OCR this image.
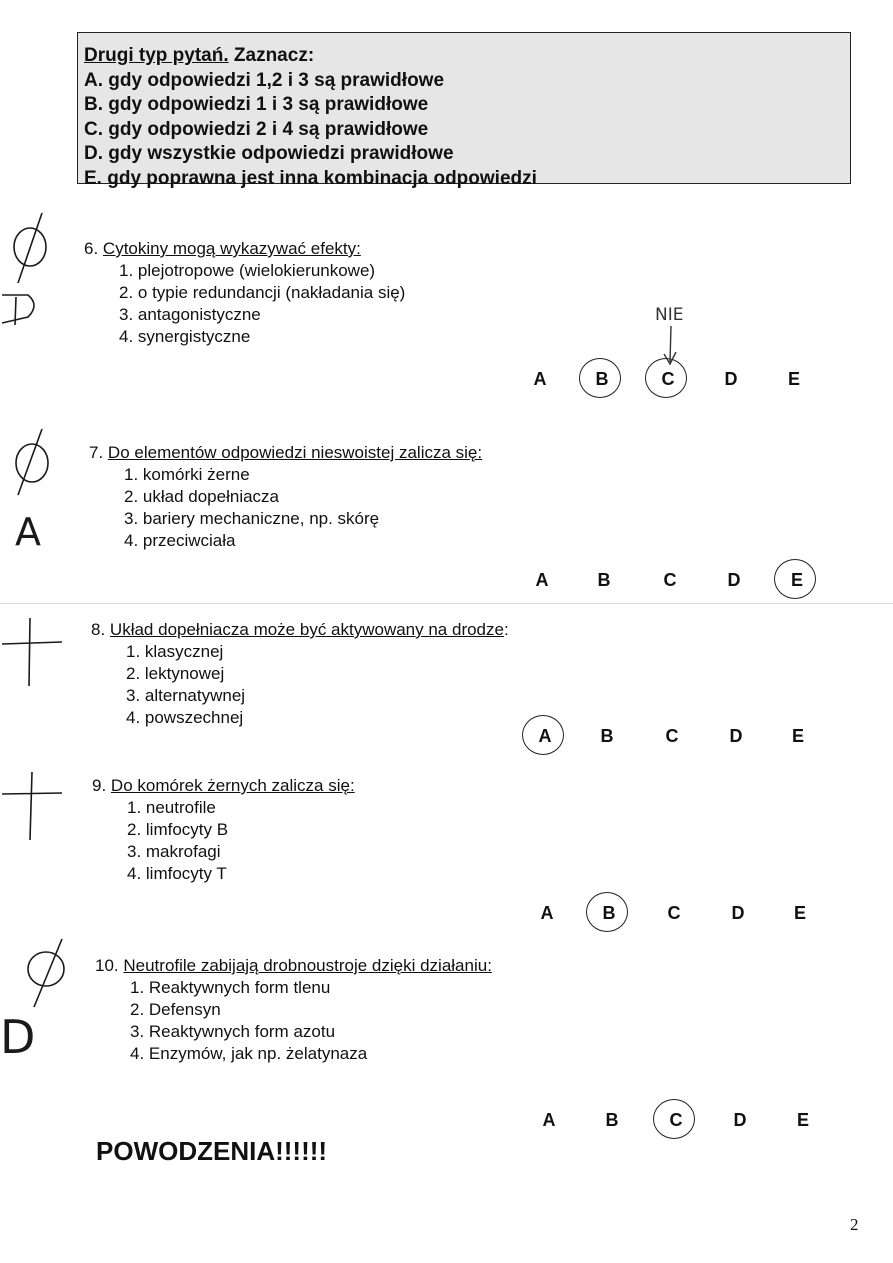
Drugi typ pytań. Zaznacz:
A. gdy odpowiedzi 1,2 i 3 są prawidłowe
B. gdy odpowiedzi 1 i 3 są prawidłowe
C. gdy odpowiedzi 2 i 4 są prawidłowe
D. gdy wszystkie odpowiedzi prawidłowe
E. gdy poprawna jest inna kombinacja odpowiedzi
6. Cytokiny mogą wykazywać efekty:
1. plejotropowe (wielokierunkowe)
2. o typie redundancji (nakładania się)
3. antagonistyczne
4. synergistyczne
A	B	C	D	E
NIE
7. Do elementów odpowiedzi nieswoistej zalicza się:
1. komórki żerne
2. układ dopełniacza
3. bariery mechaniczne, np. skórę
4. przeciwciała
A	B	C	D	E
8. Układ dopełniacza może być aktywowany na drodze:
1. klasycznej
2. lektynowej
3. alternatywnej
4. powszechnej
A	B	C	D	E
9. Do komórek żernych zalicza się:
1. neutrofile
2. limfocyty B
3. makrofagi
4. limfocyty T
A	B	C	D	E
10. Neutrofile zabijają drobnoustroje dzięki działaniu:
1. Reaktywnych form tlenu
2. Defensyn
3. Reaktywnych form azotu
4. Enzymów, jak np. żelatynaza
A	B	C	D	E
A
D
POWODZENIA!!!!!!
2
